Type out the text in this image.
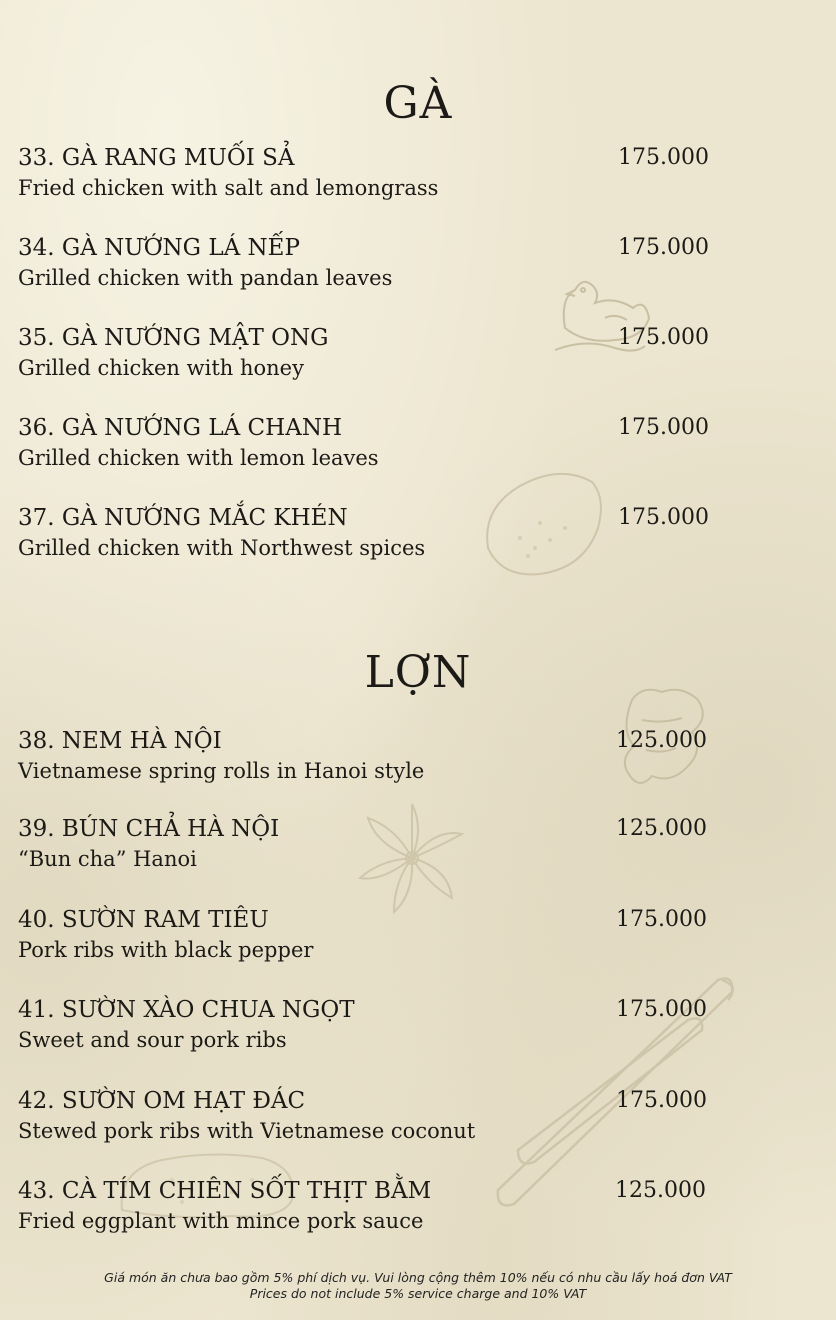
GÀ
33. GÀ RANG MUỐI SẢ
Fried chicken with salt and lemongrass
175.000
34. GÀ NƯỚNG LÁ NẾP
Grilled chicken with pandan leaves
175.000
35. GÀ NƯỚNG MẬT ONG
Grilled chicken with honey
175.000
36. GÀ NƯỚNG LÁ CHANH
Grilled chicken with lemon leaves
175.000
37. GÀ NƯỚNG MẮC KHÉN
Grilled chicken with Northwest spices
175.000
LỢN
38. NEM HÀ NỘI
Vietnamese spring rolls in Hanoi style
125.000
39. BÚN CHẢ HÀ NỘI
“Bun cha” Hanoi
125.000
40. SƯỜN RAM TIÊU
Pork ribs with black pepper
175.000
41. SƯỜN XÀO CHUA NGỌT
Sweet and sour pork ribs
175.000
42. SƯỜN OM HẠT ĐÁC
Stewed pork ribs with Vietnamese coconut
175.000
43. CÀ TÍM CHIÊN SỐT THỊT BẰM
Fried eggplant with mince pork sauce
125.000
Giá món ăn chưa bao gồm 5% phí dịch vụ. Vui lòng cộng thêm 10% nếu có nhu cầu lấy hoá đơn VAT
Prices do not include 5% service charge and 10% VAT
